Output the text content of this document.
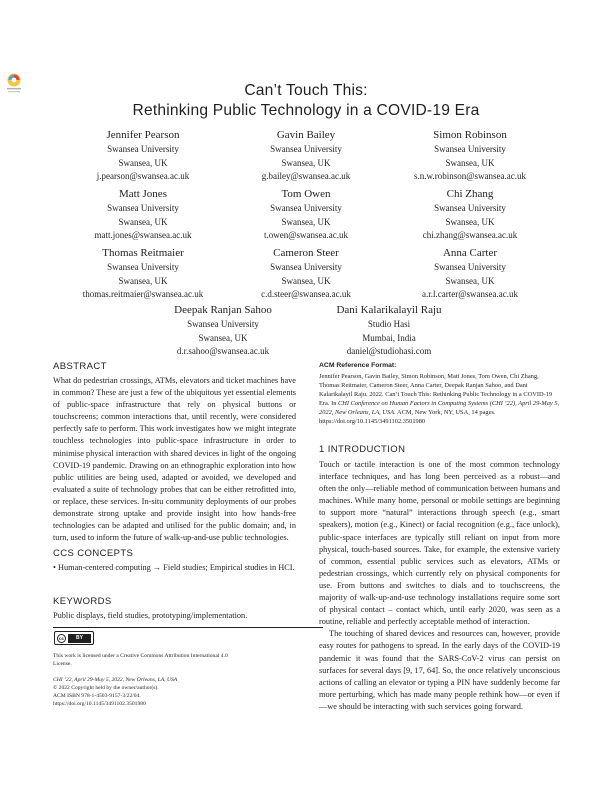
Can’t Touch This:
Rethinking Public Technology in a COVID-19 Era
Jennifer Pearson
Swansea University
Swansea, UK
j.pearson@swansea.ac.uk
Gavin Bailey
Swansea University
Swansea, UK
g.bailey@swansea.ac.uk
Simon Robinson
Swansea University
Swansea, UK
s.n.w.robinson@swansea.ac.uk
Matt Jones
Swansea University
Swansea, UK
matt.jones@swansea.ac.uk
Tom Owen
Swansea University
Swansea, UK
t.owen@swansea.ac.uk
Chi Zhang
Swansea University
Swansea, UK
chi.zhang@swansea.ac.uk
Thomas Reitmaier
Swansea University
Swansea, UK
thomas.reitmaier@swansea.ac.uk
Cameron Steer
Swansea University
Swansea, UK
c.d.steer@swansea.ac.uk
Anna Carter
Swansea University
Swansea, UK
a.r.l.carter@swansea.ac.uk
Deepak Ranjan Sahoo
Swansea University
Swansea, UK
d.r.sahoo@swansea.ac.uk
Dani Kalarikalayil Raju
Studio Hasi
Mumbai, India
daniel@studiohasi.com
ABSTRACT

What do pedestrian crossings, ATMs, elevators and ticket machines have in common? These are just a few of the ubiquitous yet essential elements of public-space infrastructure that rely on physical buttons or touchscreens; common interactions that, until recently, were considered perfectly safe to perform. This work investigates how we might integrate touchless technologies into public-space infrastructure in order to minimise physical interaction with shared devices in light of the ongoing COVID-19 pandemic. Drawing on an ethnographic exploration into how public utilities are being used, adapted or avoided, we developed and evaluated a suite of technology probes that can be either retrofitted into, or replace, these services. In-situ community deployments of our probes demonstrate strong uptake and provide insight into how hands-free technologies can be adapted and utilised for the public domain; and, in turn, used to inform the future of walk-up-and-use public technologies.

CCS CONCEPTS
• Human-centered computing → Field studies; Empirical studies in HCI.
KEYWORDS
Public displays, field studies, prototyping/implementation.
cc	BY
This work is licensed under a Creative Commons Attribution International 4.0 License.
CHI ’22, April 29-May 5, 2022, New Orleans, LA, USA
© 2022 Copyright held by the owner/author(s).
ACM ISBN 978-1-4503-9157-3/22/04.
https://doi.org/10.1145/3491102.3501980
ACM Reference Format:
Jennifer Pearson, Gavin Bailey, Simon Robinson, Matt Jones, Tom Owen, Chi Zhang, Thomas Reitmaier, Cameron Steer, Anna Carter, Deepak Ranjan Sahoo, and Dani Kalarikalayil Raju. 2022. Can’t Touch This: Rethinking Public Technology in a COVID-19 Era. In CHI Conference on Human Factors in Computing Systems (CHI ’22), April 29-May 5, 2022, New Orleans, LA, USA. ACM, New York, NY, USA, 14 pages. https://doi.org/10.1145/3491102.3501980
1 INTRODUCTION

Touch or tactile interaction is one of the most common technology interface techniques, and has long been perceived as a robust—and often the only—reliable method of communication between humans and machines. While many home, personal or mobile settings are beginning to support more “natural” interactions through speech (e.g., smart speakers), motion (e.g., Kinect) or facial recognition (e.g., face unlock), public-space interfaces are typically still reliant on input from more physical, touch-based sources. Take, for example, the extensive variety of common, essential public services such as elevators, ATMs or pedestrian crossings, which currently rely on physical components for use. From buttons and switches to dials and to touchscreens, the majority of walk-up-and-use technology installations require some sort of physical contact – contact which, until early 2020, was seen as a routine, reliable and perfectly acceptable method of interaction.

The touching of shared devices and resources can, however, provide easy routes for pathogens to spread. In the early days of the COVID-19 pandemic it was found that the SARS-CoV-2 virus can persist on surfaces for several days [9, 17, 64]. So, the once relatively unconscious actions of calling an elevator or typing a PIN have suddenly become far more perturbing, which has made many people rethink how—or even if—we should be interacting with such services going forward.
